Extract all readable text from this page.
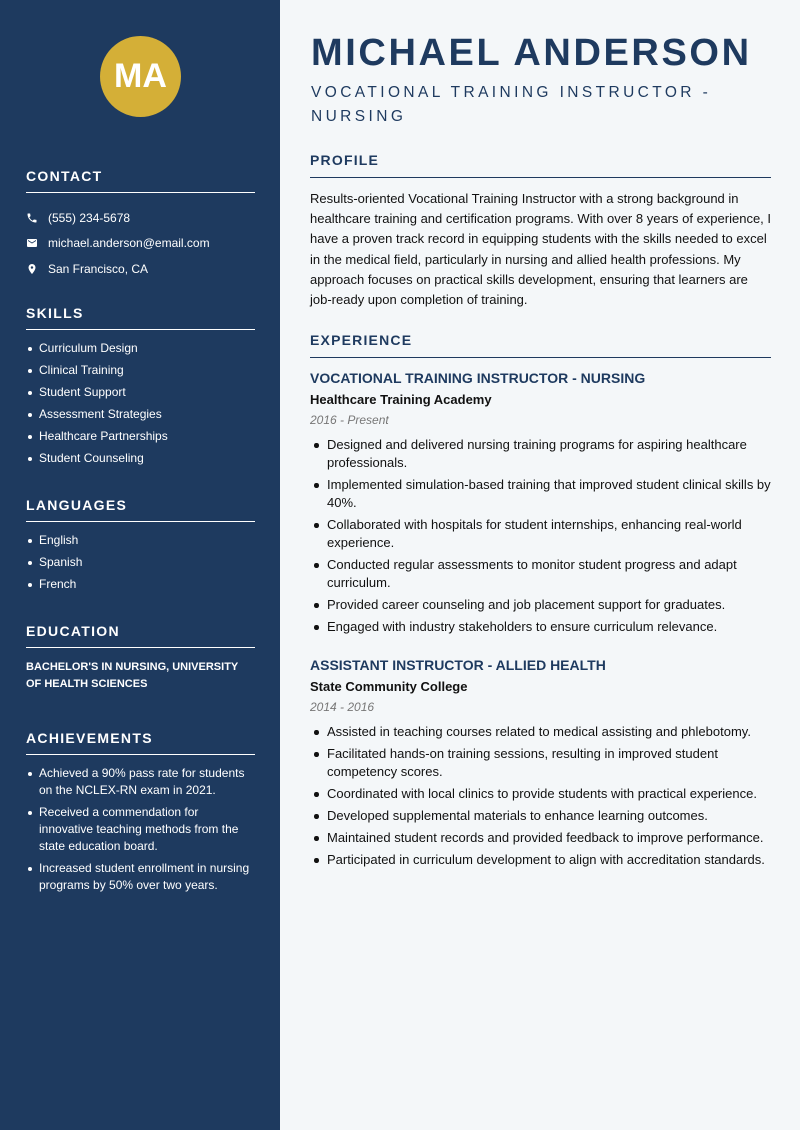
MA
CONTACT
(555) 234-5678
michael.anderson@email.com
San Francisco, CA
SKILLS
Curriculum Design
Clinical Training
Student Support
Assessment Strategies
Healthcare Partnerships
Student Counseling
LANGUAGES
English
Spanish
French
EDUCATION
BACHELOR'S IN NURSING, UNIVERSITY OF HEALTH SCIENCES
ACHIEVEMENTS
Achieved a 90% pass rate for students on the NCLEX-RN exam in 2021.
Received a commendation for innovative teaching methods from the state education board.
Increased student enrollment in nursing programs by 50% over two years.
MICHAEL ANDERSON
VOCATIONAL TRAINING INSTRUCTOR - NURSING
PROFILE

Results-oriented Vocational Training Instructor with a strong background in healthcare training and certification programs. With over 8 years of experience, I have a proven track record in equipping students with the skills needed to excel in the medical field, particularly in nursing and allied health professions. My approach focuses on practical skills development, ensuring that learners are job-ready upon completion of training.

EXPERIENCE
VOCATIONAL TRAINING INSTRUCTOR - NURSING
Healthcare Training Academy
2016 - Present
Designed and delivered nursing training programs for aspiring healthcare professionals.
Implemented simulation-based training that improved student clinical skills by 40%.
Collaborated with hospitals for student internships, enhancing real-world experience.
Conducted regular assessments to monitor student progress and adapt curriculum.
Provided career counseling and job placement support for graduates.
Engaged with industry stakeholders to ensure curriculum relevance.
ASSISTANT INSTRUCTOR - ALLIED HEALTH
State Community College
2014 - 2016
Assisted in teaching courses related to medical assisting and phlebotomy.
Facilitated hands-on training sessions, resulting in improved student competency scores.
Coordinated with local clinics to provide students with practical experience.
Developed supplemental materials to enhance learning outcomes.
Maintained student records and provided feedback to improve performance.
Participated in curriculum development to align with accreditation standards.
